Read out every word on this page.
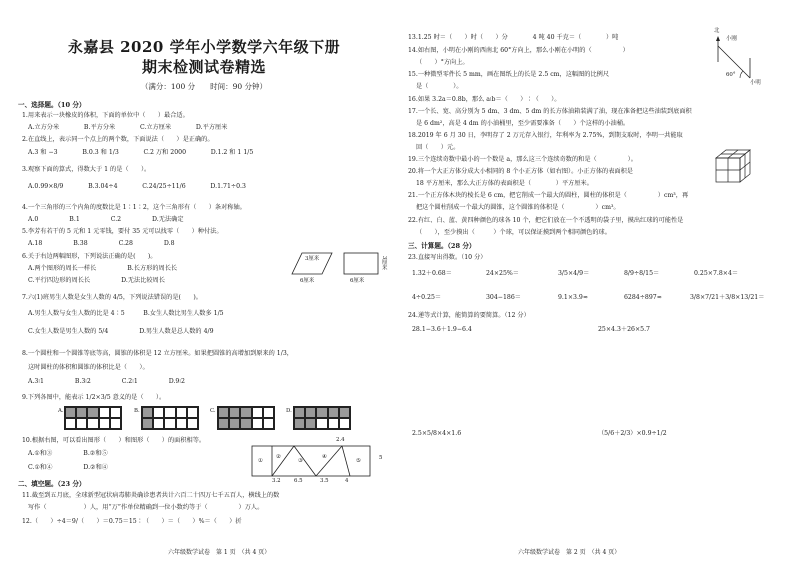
永嘉县 2020 学年小学数学六年级下册
期末检测试卷精选
（满分：100 分　　时间：90 分钟）
一、选择题。（10 分）
1.用来表示一块橡皮的体积，下面的单位中（　　）最合适。
A.立方分米　　　　B.平方分米　　　　C.立方厘米　　　　D.平方厘米
2.在直线上，表示同一个点上的两个数，下面说法（　　）是正确的。
A.3 和 −3　　　　B.0.3 和 1/3　　　　C.2 万和 2000　　　　D.1.2 和 1 1/5
3.观察下面的算式，得数大于 1 的是（　　）。
A.0.99×8/9　　　　B.3.04÷4　　　　C.24/25÷11/6　　　　D.1.71÷0.3
4.一个三角形的三个内角的度数比是 1∶1∶2，这个三角形有（　　）条对称轴。
A.0　　　　　B.1　　　　　C.2　　　　　D.无法确定
5.李芳有若干的 5 元和 1 元零钱，要付 35 元可以找零（　　）种付法。
A.18　　　　　B.38　　　　　C.28　　　　　D.8
6.关于右边两幅图形，下列说法正确的是(　　)。
A.两个图形的周长一样长　　　　　B.长方形的周长长
C.平行四边形的周长长　　　　　D.无法比较周长	6厘米
3厘米
6厘米
3厘米
7.六(1)班男生人数是女生人数的 4/5，下列说法错误的是(　　)。
A.男生人数与女生人数的比是 4∶5　　　B.女生人数比男生人数多 1/5
C.女生人数是男生人数的 5/4　　　　　D.男生人数是总人数的 4/9
8.一个圆柱和一个圆锥等底等高，圆锥的体积是 12 立方厘米。如果把圆锥的高增加到原来的 1/3，
这时圆柱的体积和圆锥的体积比是（　　）。
A.3∶1　　　　　B.3∶2　　　　　C.2∶1　　　　　D.9∶2
9.下列各图中，能表示 1/2×3/5 意义的是（　　）。
A.	B.	C.	D.
10.根据右图，可以看出图形（　　）和图形（　　）的面积相等。
A.①和③　　　　　B.②和⑤
C.①和④　　　　　D.②和④
①
②
③
④
⑤
2.4
5
3.2 6.5	3.5	4
二、填空题。（23 分）
11.截至到五月底，全球新型冠状病毒肺炎确诊患者共计六百二十四万七千五百人，横线上的数
写作（　　　　　　）人，用“万”作单位精确到一位小数约等于（　　　　　）万人。
12.（　　）÷4＝9/（　　）＝0.75＝15∶（　　）＝（　　）%＝（　　）折
六年级数学试卷　第 1 页　（共 4 页）
13.1.25 时＝（　　）时（　　）分　　　　4 吨 40 千克＝（　　　　）吨
14.如右图，小明在小刚的西南北 60°方向上，那么小刚在小明的（　　　　　）
（　　）°方向上。
北
小刚
小明
60°
15.一种微型零件长 5 mm，画在图纸上的长是 2.5 cm，这幅图的比例尺
是（　　　　）。
16.如果 3.2a＝0.8b，那么 a∶b＝（　　）∶（　　）。
17.一个长、宽、高分别为 5 dm、3 dm、5 dm 的长方体油箱装满了油，现在准备把这些油装到底面积
是 6 dm²，高是 4 dm 的小油桶里，至少需要准备（　　）个这样的小油桶。
18.2019 年 6 月 30 日，李明存了 2 万元存入银行，年利率为 2.75%，到期支取时，李明一共能取
回（　　）元。
19.三个连续奇数中最小的一个数是 a，那么这三个连续奇数的和是（　　　　　）。
20.将一个大正方体分成大小相同的 8 个小正方体（如右图）。小正方体的表面积是
18 平方厘米，那么大正方体的表面积是（　　　　）平方厘米。
21.一个正方体木块的棱长是 6 cm，把它削成一个最大的圆柱，圆柱的体积是（　　　　　）cm³，再
把这个圆柱削成一个最大的圆锥，这个圆锥的体积是（　　　　　）cm³。
22.有红、白、蓝、黄四种颜色的球各 10 个，把它们放在一个不透明的袋子里，摸出红球的可能性是
（　　），至少摸出（　　　）个球，可以保证摸到两个相同颜色的球。
三、计算题。（28 分）
23.直接写出得数。（10 分）
1.32＋0.68＝	24×25%＝	3/5×4/9＝	8/9÷8/15＝	0.25×7.8×4＝
4÷0.25＝	304−186＝	9.1×3.9≈	6284÷897≈	3/8×7/21＋3/8×13/21＝
24.递等式计算，能简算的要简算。（12 分）
28.1−3.6＋1.9−6.4	25×4.3＋26×5.7
2.5×5/8×4×1.6	（5/6＋2/3）×0.9÷1/2
六年级数学试卷　第 2 页　（共 4 页）
